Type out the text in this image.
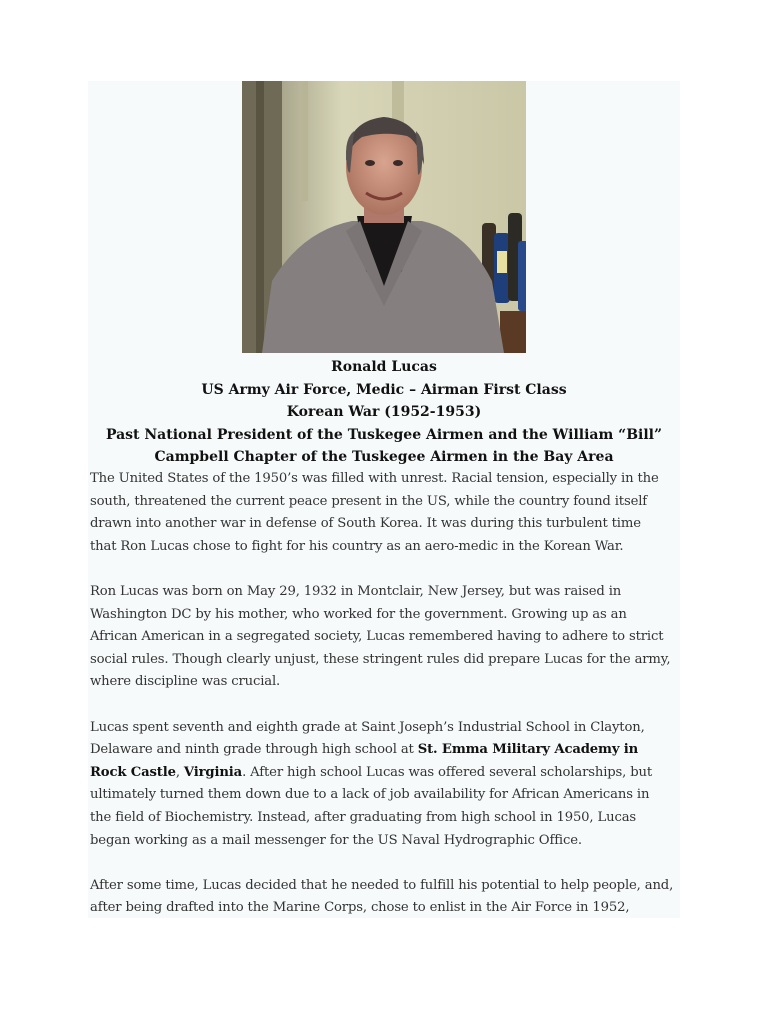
Ronald Lucas
US Army Air Force, Medic – Airman First Class
Korean War (1952-1953)
Past National President of the Tuskegee Airmen and the William “Bill”
Campbell Chapter of the Tuskegee Airmen in the Bay Area

The United States of the 1950’s was filled with unrest. Racial tension, especially in the
south, threatened the current peace present in the US, while the country found itself
drawn into another war in defense of South Korea. It was during this turbulent time
that Ron Lucas chose to fight for his country as an aero-medic in the Korean War.

Ron Lucas was born on May 29, 1932 in Montclair, New Jersey, but was raised in
Washington DC by his mother, who worked for the government. Growing up as an
African American in a segregated society, Lucas remembered having to adhere to strict
social rules. Though clearly unjust, these stringent rules did prepare Lucas for the army,
where discipline was crucial.

Lucas spent seventh and eighth grade at Saint Joseph’s Industrial School in Clayton,
Delaware and ninth grade through high school at St. Emma Military Academy in
Rock Castle, Virginia. After high school Lucas was offered several scholarships, but
ultimately turned them down due to a lack of job availability for African Americans in
the field of Biochemistry. Instead, after graduating from high school in 1950, Lucas
began working as a mail messenger for the US Naval Hydrographic Office.

After some time, Lucas decided that he needed to fulfill his potential to help people, and,
after being drafted into the Marine Corps, chose to enlist in the Air Force in 1952,
